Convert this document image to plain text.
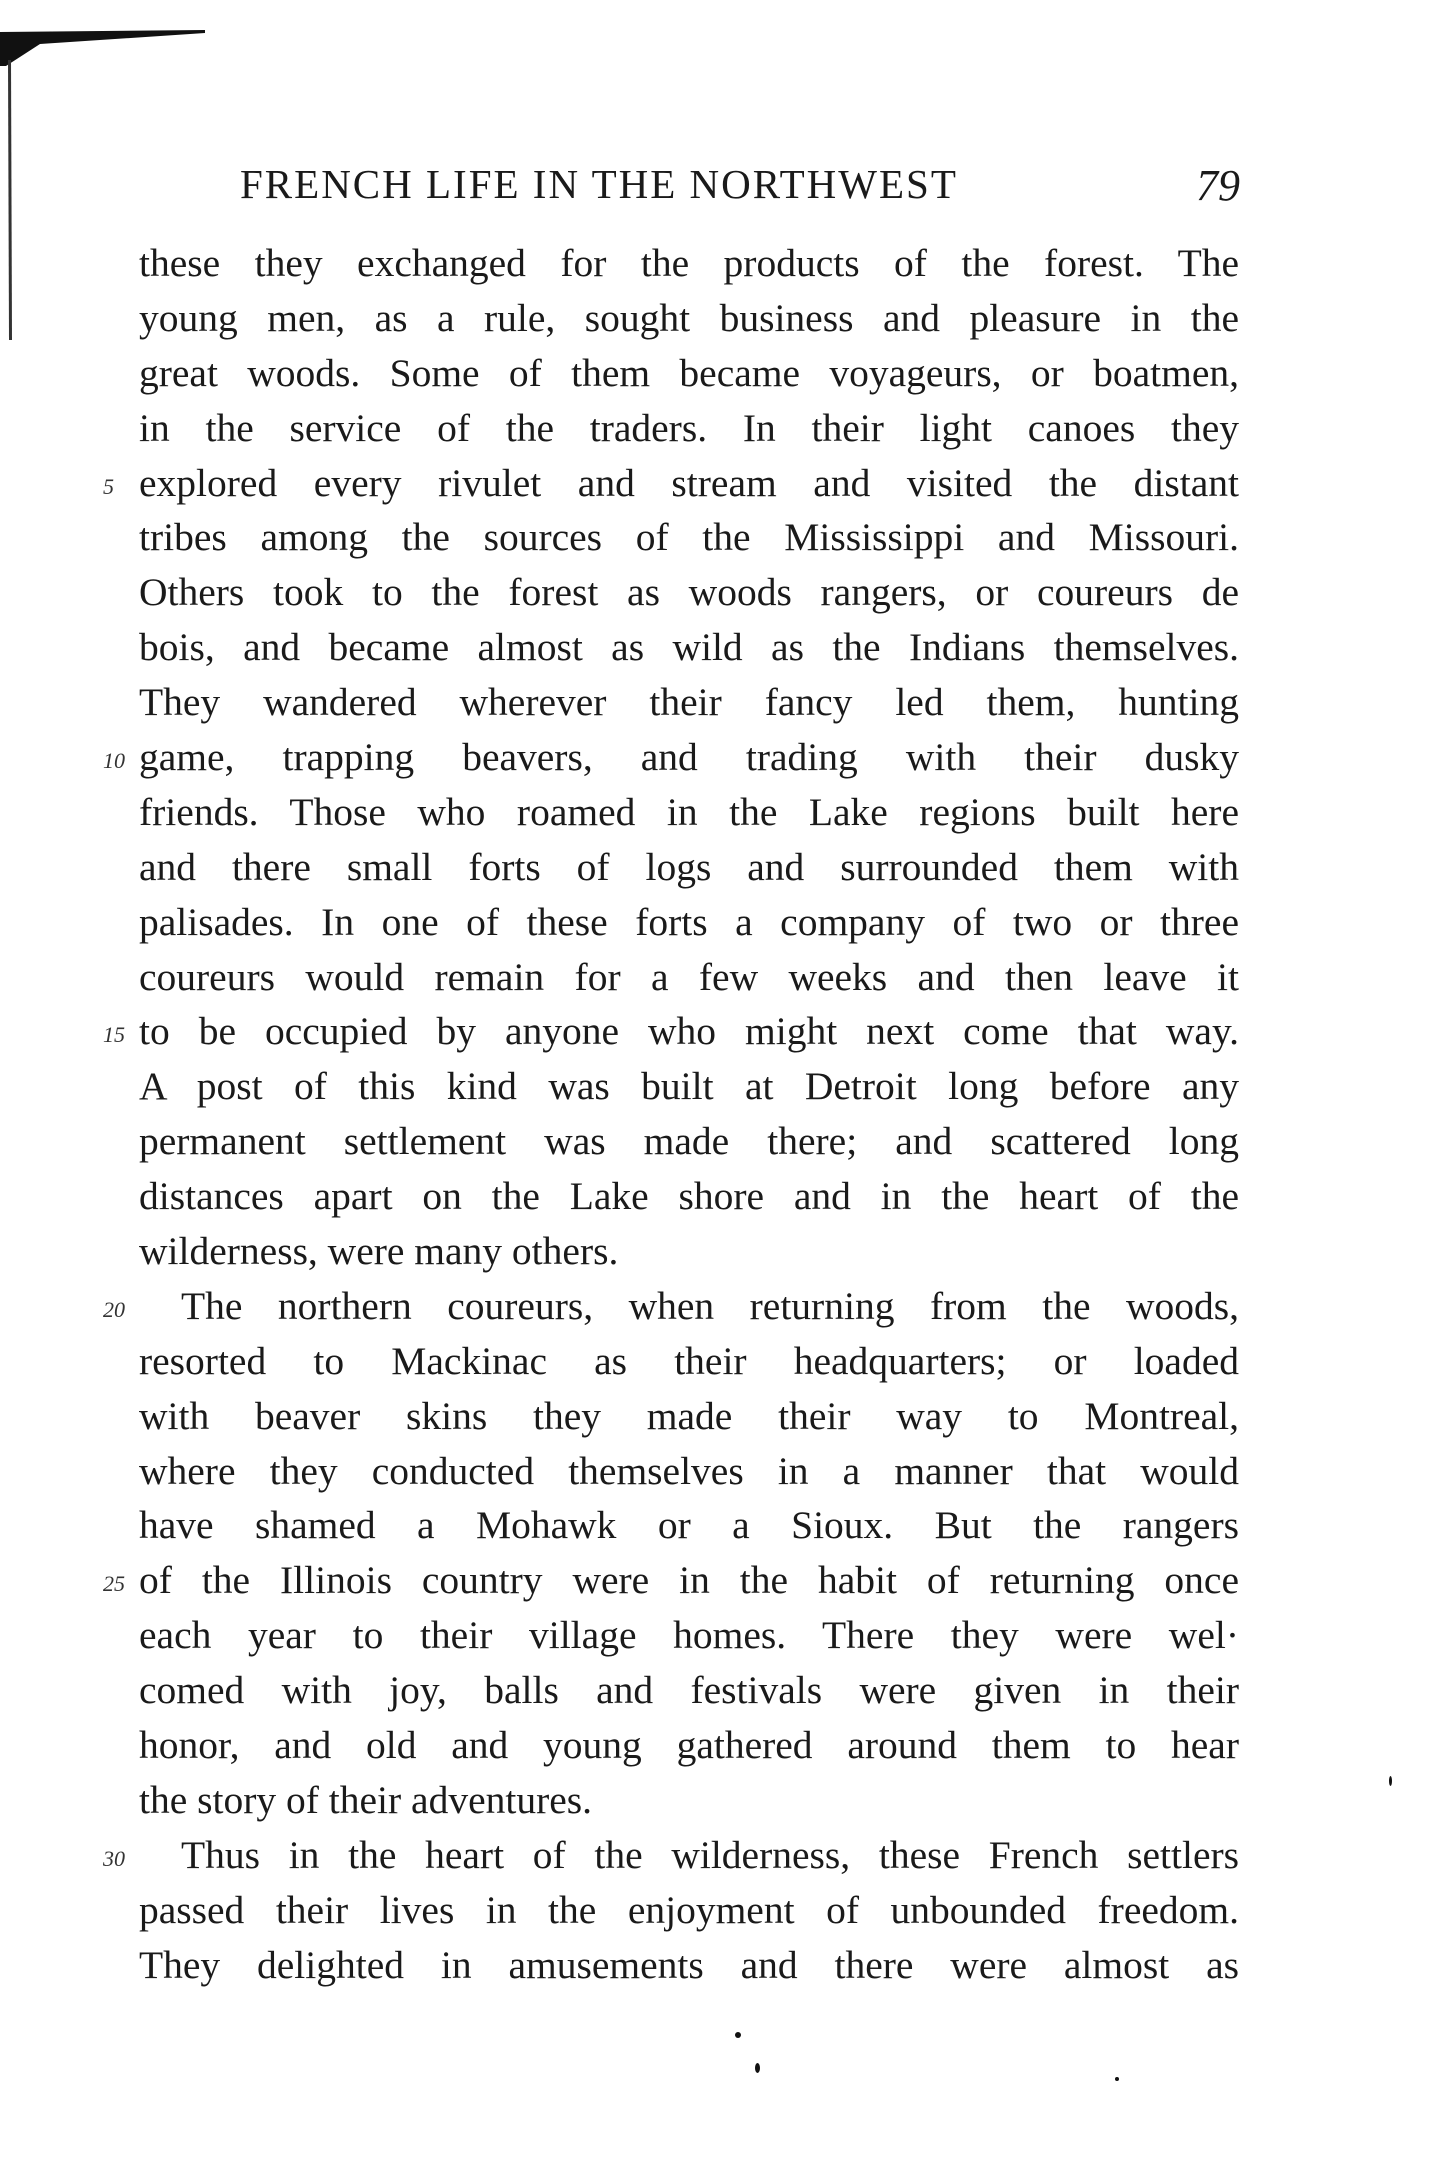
FRENCH LIFE IN THE NORTHWEST	79
these they exchanged for the products of the forest. The
young men, as a rule, sought business and pleasure in the
great woods. Some of them became voyageurs, or boatmen,
in the service of the traders. In their light canoes they
5 explored every rivulet and stream and visited the distant
tribes among the sources of the Mississippi and Missouri.
Others took to the forest as woods rangers, or coureurs de
bois, and became almost as wild as the Indians themselves.
They wandered wherever their fancy led them, hunting
10 game, trapping beavers, and trading with their dusky
friends. Those who roamed in the Lake regions built here
and there small forts of logs and surrounded them with
palisades. In one of these forts a company of two or three
coureurs would remain for a few weeks and then leave it
15 to be occupied by anyone who might next come that way.
A post of this kind was built at Detroit long before any
permanent settlement was made there; and scattered long
distances apart on the Lake shore and in the heart of the
wilderness, were many others.
20 The northern coureurs, when returning from the woods,
resorted to Mackinac as their headquarters; or loaded
with beaver skins they made their way to Montreal,
where they conducted themselves in a manner that would
have shamed a Mohawk or a Sioux. But the rangers
25 of the Illinois country were in the habit of returning once
each year to their village homes. There they were wel·
comed with joy, balls and festivals were given in their
honor, and old and young gathered around them to hear
the story of their adventures.
30 Thus in the heart of the wilderness, these French settlers
passed their lives in the enjoyment of unbounded freedom.
They delighted in amusements and there were almost as
